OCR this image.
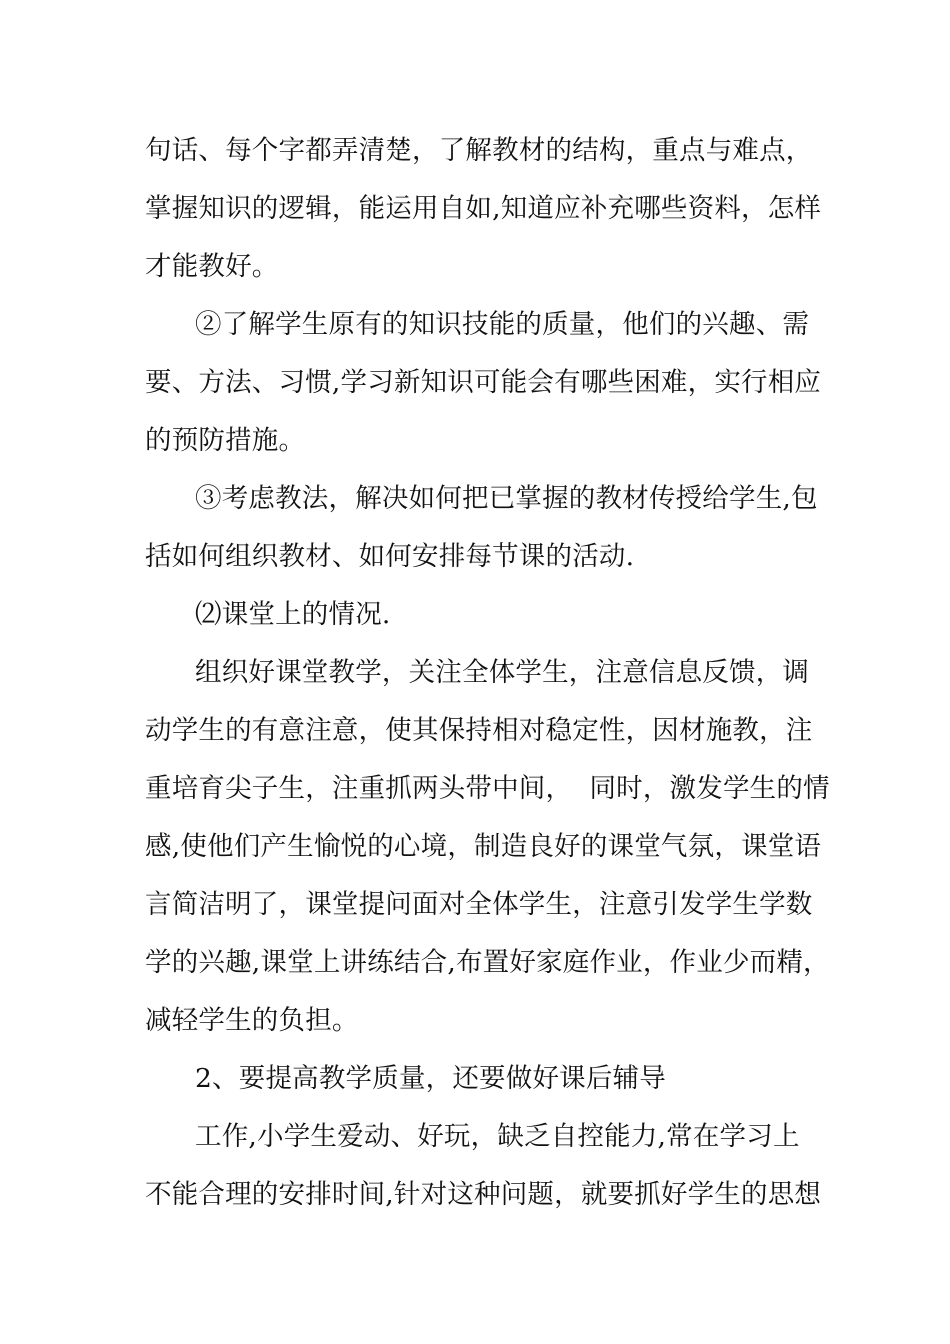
句话、每个字都弄清楚，了解教材的结构，重点与难点，
掌握知识的逻辑，能运用自如,知道应补充哪些资料，怎样
才能教好。
②了解学生原有的知识技能的质量，他们的兴趣、需
要、方法、习惯,学习新知识可能会有哪些困难，实行相应
的预防措施。
③考虑教法，解决如何把已掌握的教材传授给学生,包
括如何组织教材、如何安排每节课的活动.
⑵课堂上的情况.
组织好课堂教学，关注全体学生，注意信息反馈，调
动学生的有意注意，使其保持相对稳定性，因材施教，注
重培育尖子生，注重抓两头带中间，  同时，激发学生的情
感,使他们产生愉悦的心境，制造良好的课堂气氛，课堂语
言简洁明了，课堂提问面对全体学生，注意引发学生学数
学的兴趣,课堂上讲练结合,布置好家庭作业，作业少而精，
减轻学生的负担。
2、要提高教学质量，还要做好课后辅导
工作,小学生爱动、好玩，缺乏自控能力,常在学习上
不能合理的安排时间,针对这种问题，就要抓好学生的思想
